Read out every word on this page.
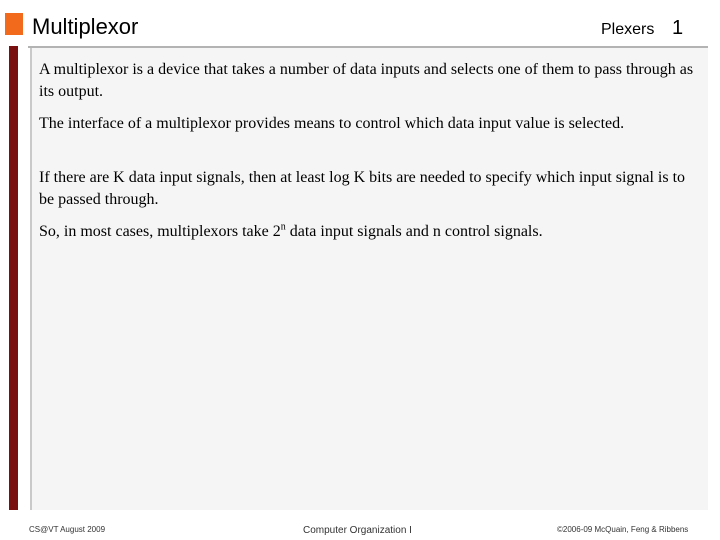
Multiplexor	Plexers 1

A multiplexor is a device that takes a number of data inputs and selects one of them to pass through as its output.

The interface of a multiplexor provides means to control which data input value is selected.

If there are K data input signals, then at least log K bits are needed to specify which input signal is to be passed through.

So, in most cases, multiplexors take 2$^n$ data input signals and n control signals.

CS@VT August 2009	Computer Organization I	©2006-09 McQuain, Feng & Ribbens
